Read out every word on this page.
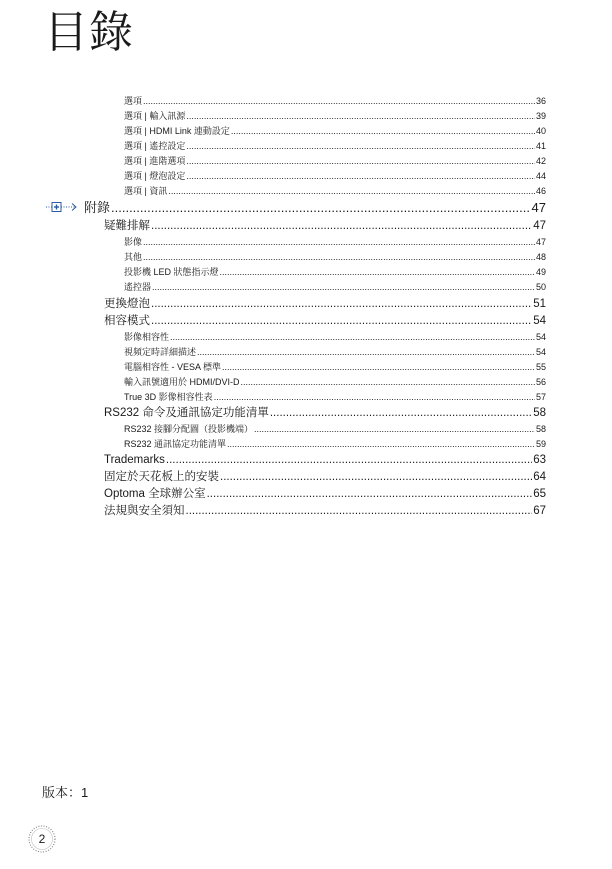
目錄
選項 .....	36
選項 | 輸入訊源 .....	39
選項 | HDMI Link 連動設定 .....	40
選項 | 遙控設定 .....	41
選項 | 進階選項 .....	42
選項 | 燈泡設定 .....	44
選項 | 資訊 .....	46
附錄 .....	47
疑難排解 .....	47
影像 .....	47
其他 .....	48
投影機 LED 狀態指示燈 .....	49
遙控器 .....	50
更換燈泡 .....	51
相容模式 .....	54
影像相容性 .....	54
視頻定時詳細描述 .....	54
電腦相容性 - VESA 標準 .....	55
輸入訊號適用於 HDMI/DVI-D .....	56
True 3D 影像相容性表 .....	57
RS232 命令及通訊協定功能清單 .....	58
RS232 接腳分配圖（投影機端） .....	58
RS232 通訊協定功能清單 .....	59
Trademarks .....	63
固定於天花板上的安裝 .....	64
Optoma 全球辦公室 .....	65
法規與安全須知 .....	67
版本：1
2
